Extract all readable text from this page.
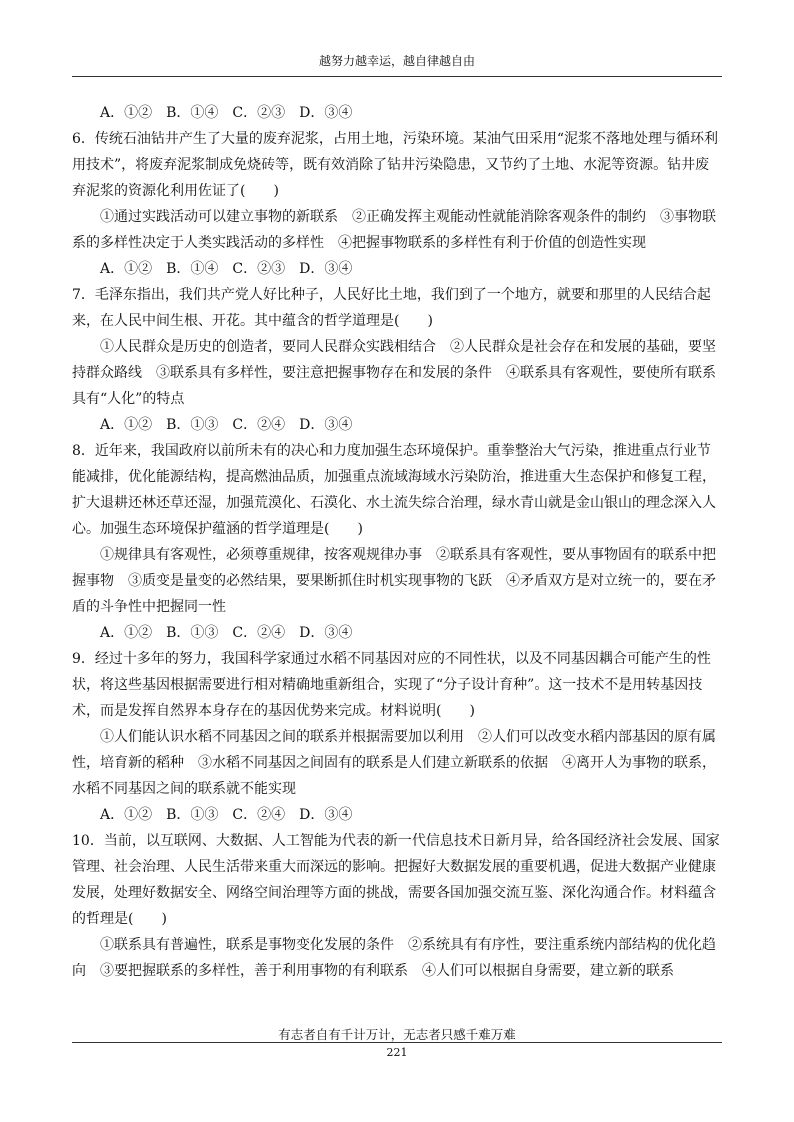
越努力越幸运，越自律越自由

A．①②　B．①④　C．②③　D．③④

6．传统石油钻井产生了大量的废弃泥浆，占用土地，污染环境。某油气田采用“泥浆不落地处理与循环利用技术”，将废弃泥浆制成免烧砖等，既有效消除了钻井污染隐患，又节约了土地、水泥等资源。钻井废弃泥浆的资源化利用佐证了(　　)

①通过实践活动可以建立事物的新联系　②正确发挥主观能动性就能消除客观条件的制约　③事物联系的多样性决定于人类实践活动的多样性　④把握事物联系的多样性有利于价值的创造性实现

A．①②　B．①④　C．②③　D．③④

7．毛泽东指出，我们共产党人好比种子，人民好比土地，我们到了一个地方，就要和那里的人民结合起来，在人民中间生根、开花。其中蕴含的哲学道理是(　　)

①人民群众是历史的创造者，要同人民群众实践相结合　②人民群众是社会存在和发展的基础，要坚持群众路线　③联系具有多样性，要注意把握事物存在和发展的条件　④联系具有客观性，要使所有联系具有“人化”的特点

A．①②　B．①③　C．②④　D．③④

8．近年来，我国政府以前所未有的决心和力度加强生态环境保护。重拳整治大气污染，推进重点行业节能减排，优化能源结构，提高燃油品质，加强重点流域海域水污染防治，推进重大生态保护和修复工程，扩大退耕还林还草还湿，加强荒漠化、石漠化、水土流失综合治理，绿水青山就是金山银山的理念深入人心。加强生态环境保护蕴涵的哲学道理是(　　)

①规律具有客观性，必须尊重规律，按客观规律办事　②联系具有客观性，要从事物固有的联系中把握事物　③质变是量变的必然结果，要果断抓住时机实现事物的飞跃　④矛盾双方是对立统一的，要在矛盾的斗争性中把握同一性

A．①②　B．①③　C．②④　D．③④

9．经过十多年的努力，我国科学家通过水稻不同基因对应的不同性状，以及不同基因耦合可能产生的性状，将这些基因根据需要进行相对精确地重新组合，实现了“分子设计育种”。这一技术不是用转基因技术，而是发挥自然界本身存在的基因优势来完成。材料说明(　　)

①人们能认识水稻不同基因之间的联系并根据需要加以利用　②人们可以改变水稻内部基因的原有属性，培育新的稻种　③水稻不同基因之间固有的联系是人们建立新联系的依据　④离开人为事物的联系，水稻不同基因之间的联系就不能实现

A．①②　B．①③　C．②④　D．③④

10．当前，以互联网、大数据、人工智能为代表的新一代信息技术日新月异，给各国经济社会发展、国家管理、社会治理、人民生活带来重大而深远的影响。把握好大数据发展的重要机遇，促进大数据产业健康发展，处理好数据安全、网络空间治理等方面的挑战，需要各国加强交流互鉴、深化沟通合作。材料蕴含的哲理是(　　)

①联系具有普遍性，联系是事物变化发展的条件　②系统具有有序性，要注重系统内部结构的优化趋向　③要把握联系的多样性，善于利用事物的有利联系　④人们可以根据自身需要，建立新的联系

有志者自有千计万计，无志者只感千难万难
221
